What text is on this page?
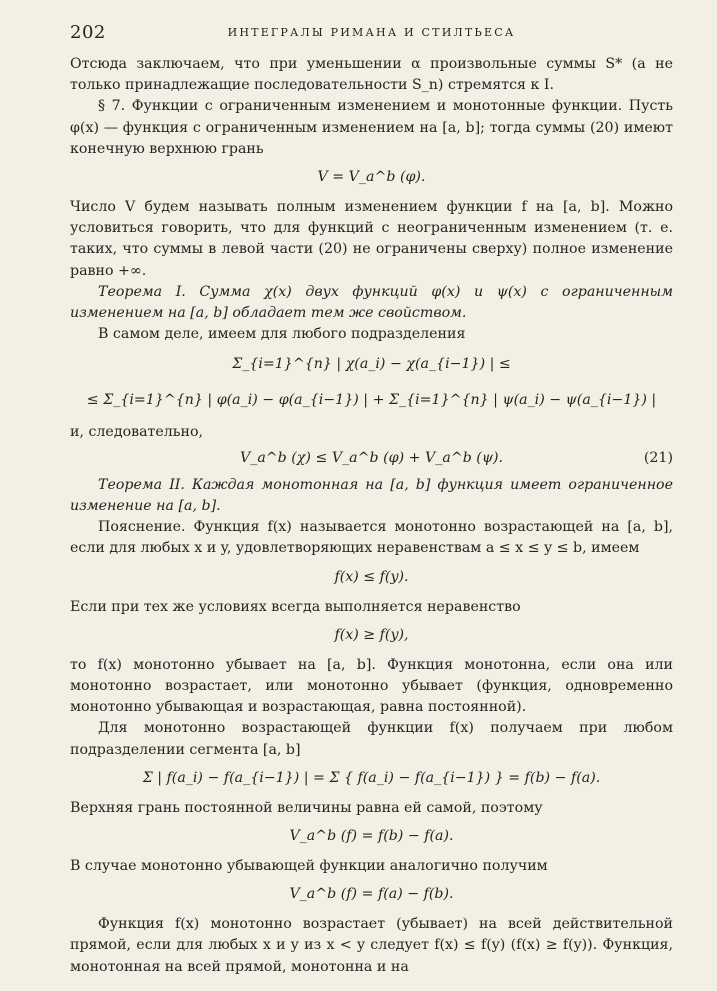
202	ИНТЕГРАЛЫ РИМАНА И СТИЛТЬЕСА

Отсюда заключаем, что при уменьшении α произвольные суммы S* (а не только принадлежащие последовательности S_n) стремятся к I.

§ 7. Функции с ограниченным изменением и монотонные функции. Пусть φ(x) — функция с ограниченным изменением на [a, b]; тогда суммы (20) имеют конечную верхнюю грань

V = V_a^b (φ).

Число V будем называть полным изменением функции f на [a, b]. Можно условиться говорить, что для функций с неограниченным изменением (т. е. таких, что суммы в левой части (20) не ограничены сверху) полное изменение равно +∞.

Теорема I. Сумма χ(x) двух функций φ(x) и ψ(x) с ограниченным изменением на [a, b] обладает тем же свойством.

В самом деле, имеем для любого подразделения

Σ_{i=1}^{n} | χ(a_i) − χ(a_{i−1}) | ≤
≤ Σ_{i=1}^{n} | φ(a_i) − φ(a_{i−1}) | + Σ_{i=1}^{n} | ψ(a_i) − ψ(a_{i−1}) |

и, следовательно,

V_a^b (χ) ≤ V_a^b (φ) + V_a^b (ψ).	(21)

Теорема II. Каждая монотонная на [a, b] функция имеет ограниченное изменение на [a, b].

Пояснение. Функция f(x) называется монотонно возрастающей на [a, b], если для любых x и y, удовлетворяющих неравенствам a ≤ x ≤ y ≤ b, имеем

f(x) ≤ f(y).

Если при тех же условиях всегда выполняется неравенство

f(x) ≥ f(y),

то f(x) монотонно убывает на [a, b]. Функция монотонна, если она или монотонно возрастает, или монотонно убывает (функция, одновременно монотонно убывающая и возрастающая, равна постоянной).

Для монотонно возрастающей функции f(x) получаем при любом подразделении сегмента [a, b]

Σ | f(a_i) − f(a_{i−1}) | = Σ { f(a_i) − f(a_{i−1}) } = f(b) − f(a).

Верхняя грань постоянной величины равна ей самой, поэтому

V_a^b (f) = f(b) − f(a).

В случае монотонно убывающей функции аналогично получим

V_a^b (f) = f(a) − f(b).

Функция f(x) монотонно возрастает (убывает) на всей действительной прямой, если для любых x и y из x < y следует f(x) ≤ f(y) (f(x) ≥ f(y)). Функция, монотонная на всей прямой, монотонна и на
